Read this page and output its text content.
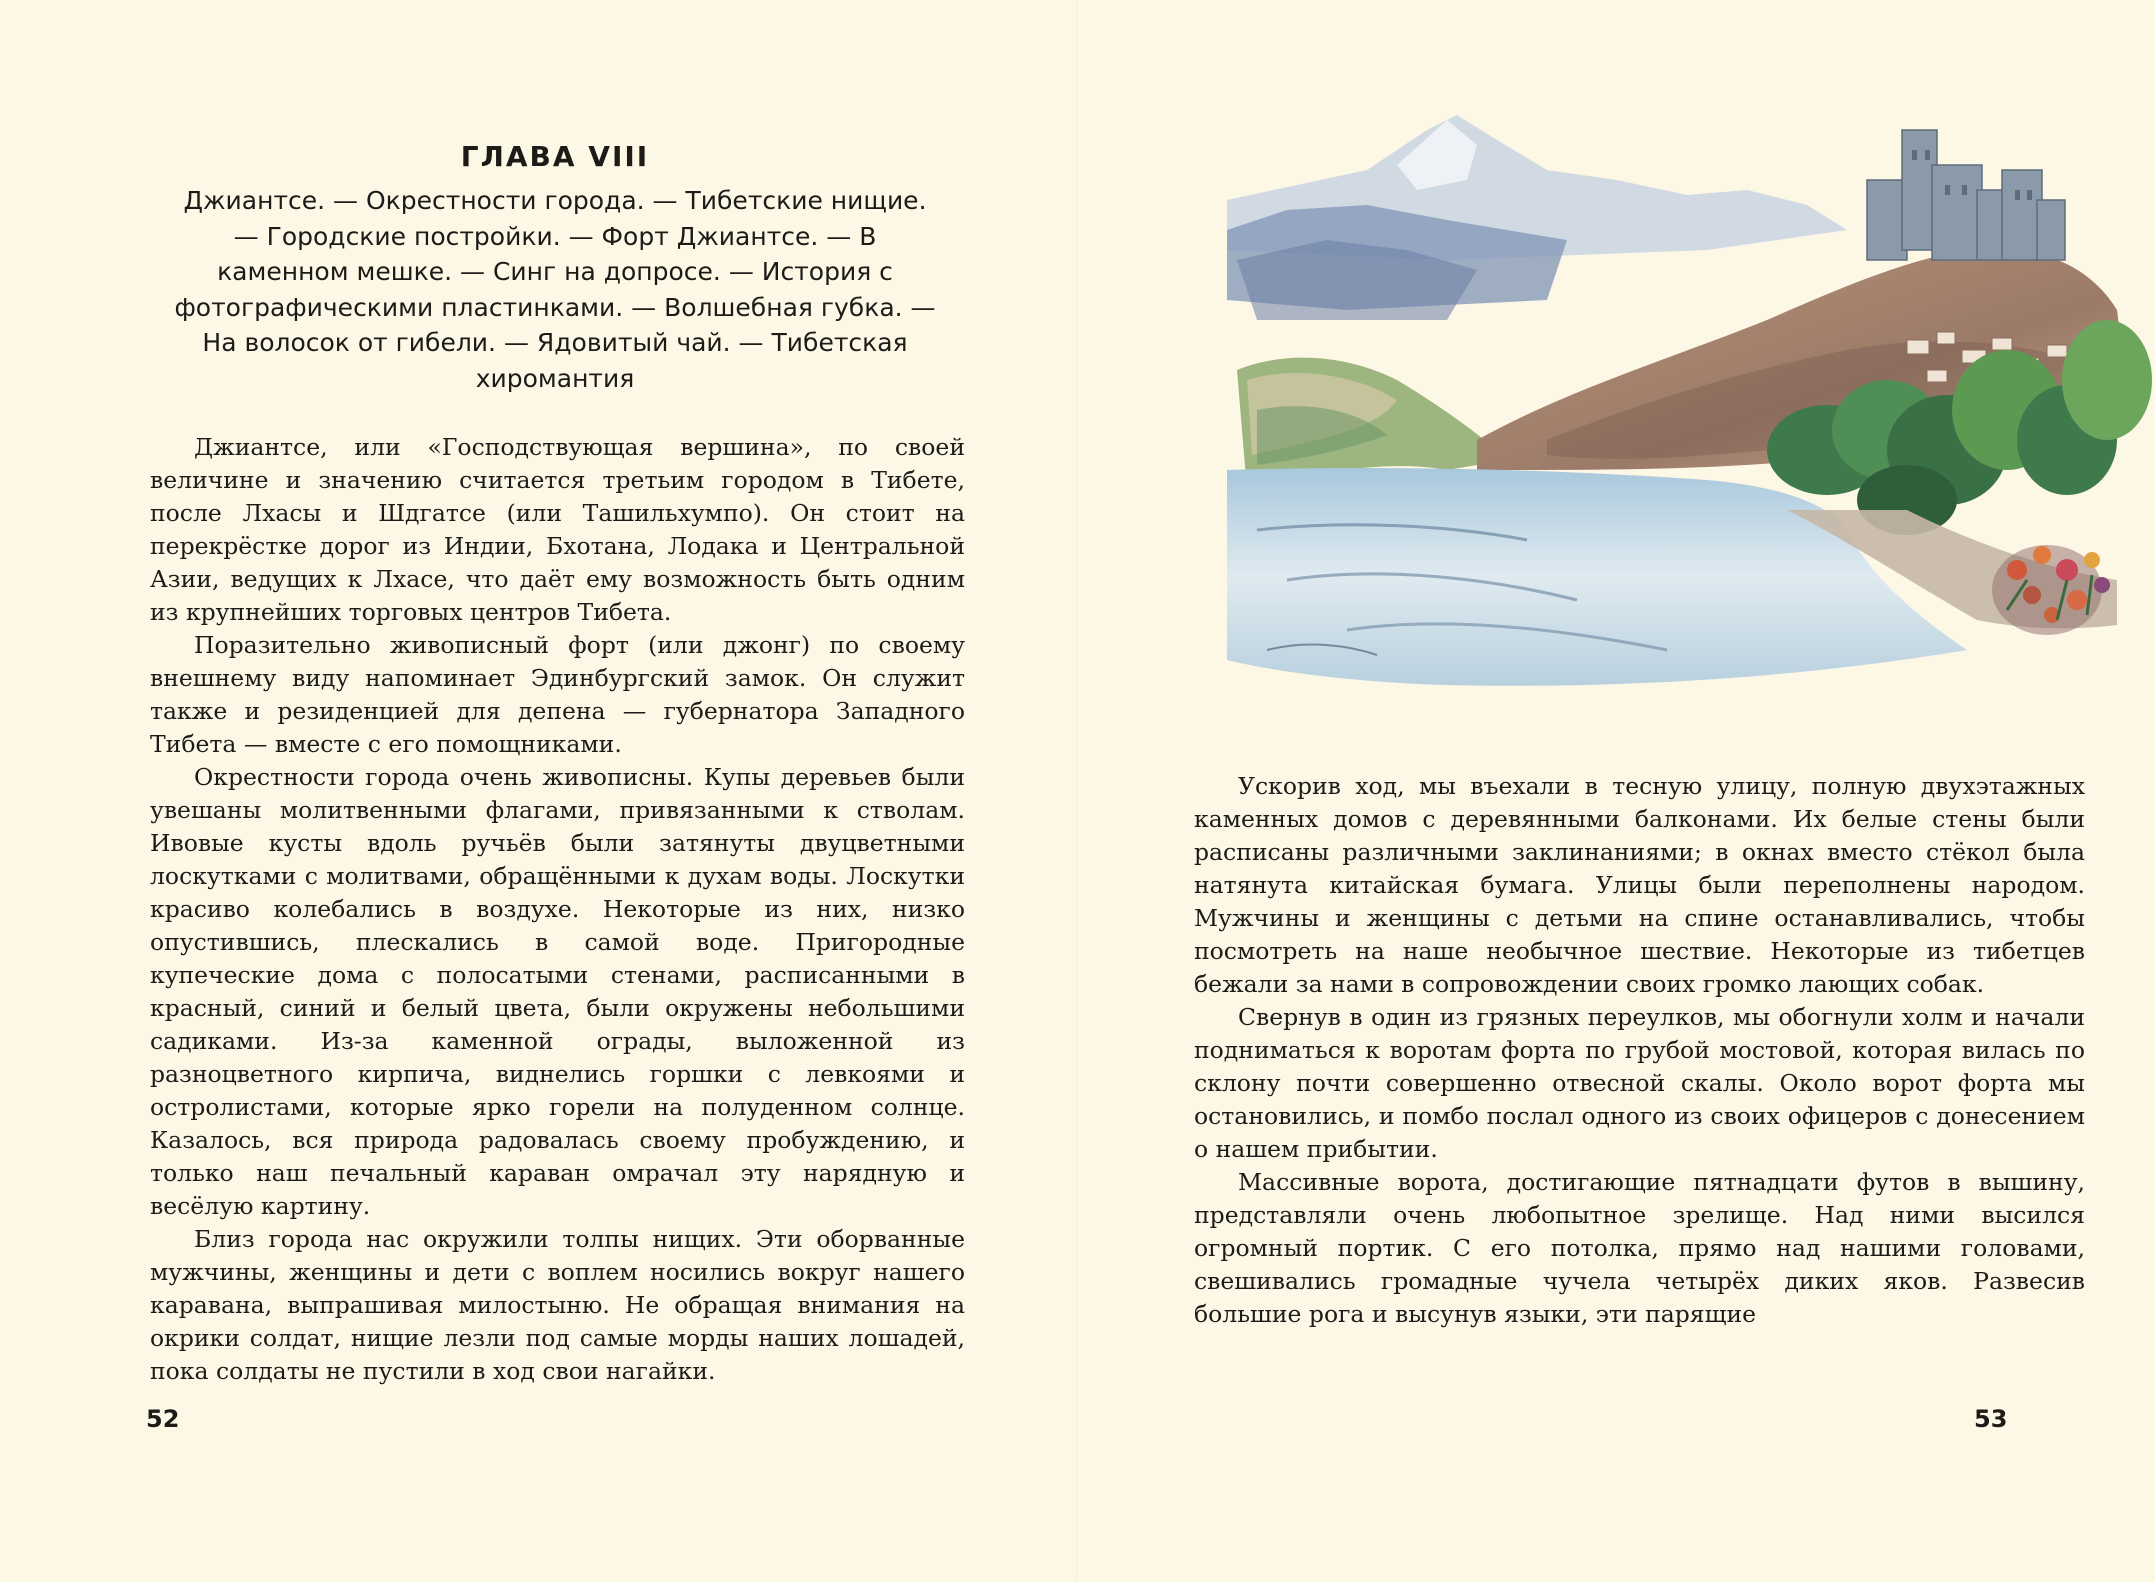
ГЛАВА VIII

Джиантсе. — Окрестности города. — Тибетские нищие. — Городские постройки. — Форт Джиантсе. — В каменном мешке. — Синг на допросе. — История с фотографическими пластинками. — Волшебная губка. — На волосок от гибели. — Ядовитый чай. — Тибетская хиромантия

Джиантсе, или «Господствующая вершина», по своей величине и значению считается третьим городом в Тибете, после Лхасы и Шдгатсе (или Ташильхумпо). Он стоит на перекрёстке дорог из Индии, Бхотана, Лодака и Центральной Азии, ведущих к Лхасе, что даёт ему возможность быть одним из крупнейших торговых центров Тибета.

Поразительно живописный форт (или джонг) по своему внешнему виду напоминает Эдинбургский замок. Он служит также и резиденцией для депена — губернатора Западного Тибета — вместе с его помощниками.

Окрестности города очень живописны. Купы деревьев были увешаны молитвенными флагами, привязанными к стволам. Ивовые кусты вдоль ручьёв были затянуты двуцветными лоскутками с молитвами, обращёнными к духам воды. Лоскутки красиво колебались в воздухе. Некоторые из них, низко опустившись, плескались в самой воде. Пригородные купеческие дома с полосатыми стенами, расписанными в красный, синий и белый цвета, были окружены небольшими садиками. Из-за каменной ограды, выложенной из разноцветного кирпича, виднелись горшки с левкоями и остролистами, которые ярко горели на полуденном солнце. Казалось, вся природа радовалась своему пробуждению, и только наш печальный караван омрачал эту нарядную и весёлую картину.

Близ города нас окружили толпы нищих. Эти оборванные мужчины, женщины и дети с воплем носились вокруг нашего каравана, выпрашивая милостыню. Не обращая внимания на окрики солдат, нищие лезли под самые морды наших лошадей, пока солдаты не пустили в ход свои нагайки.

52

Ускорив ход, мы въехали в тесную улицу, полную двухэтажных каменных домов с деревянными балконами. Их белые стены были расписаны различными заклинаниями; в окнах вместо стёкол была натянута китайская бумага. Улицы были переполнены народом. Мужчины и женщины с детьми на спине останавливались, чтобы посмотреть на наше необычное шествие. Некоторые из тибетцев бежали за нами в сопровождении своих громко лающих собак.

Свернув в один из грязных переулков, мы обогнули холм и начали подниматься к воротам форта по грубой мостовой, которая вилась по склону почти совершенно отвесной скалы. Около ворот форта мы остановились, и помбо послал одного из своих офицеров с донесением о нашем прибытии.

Массивные ворота, достигающие пятнадцати футов в вышину, представляли очень любопытное зрелище. Над ними высился огромный портик. С его потолка, прямо над нашими головами, свешивались громадные чучела четырёх диких яков. Развесив большие рога и высунув языки, эти парящие

53
